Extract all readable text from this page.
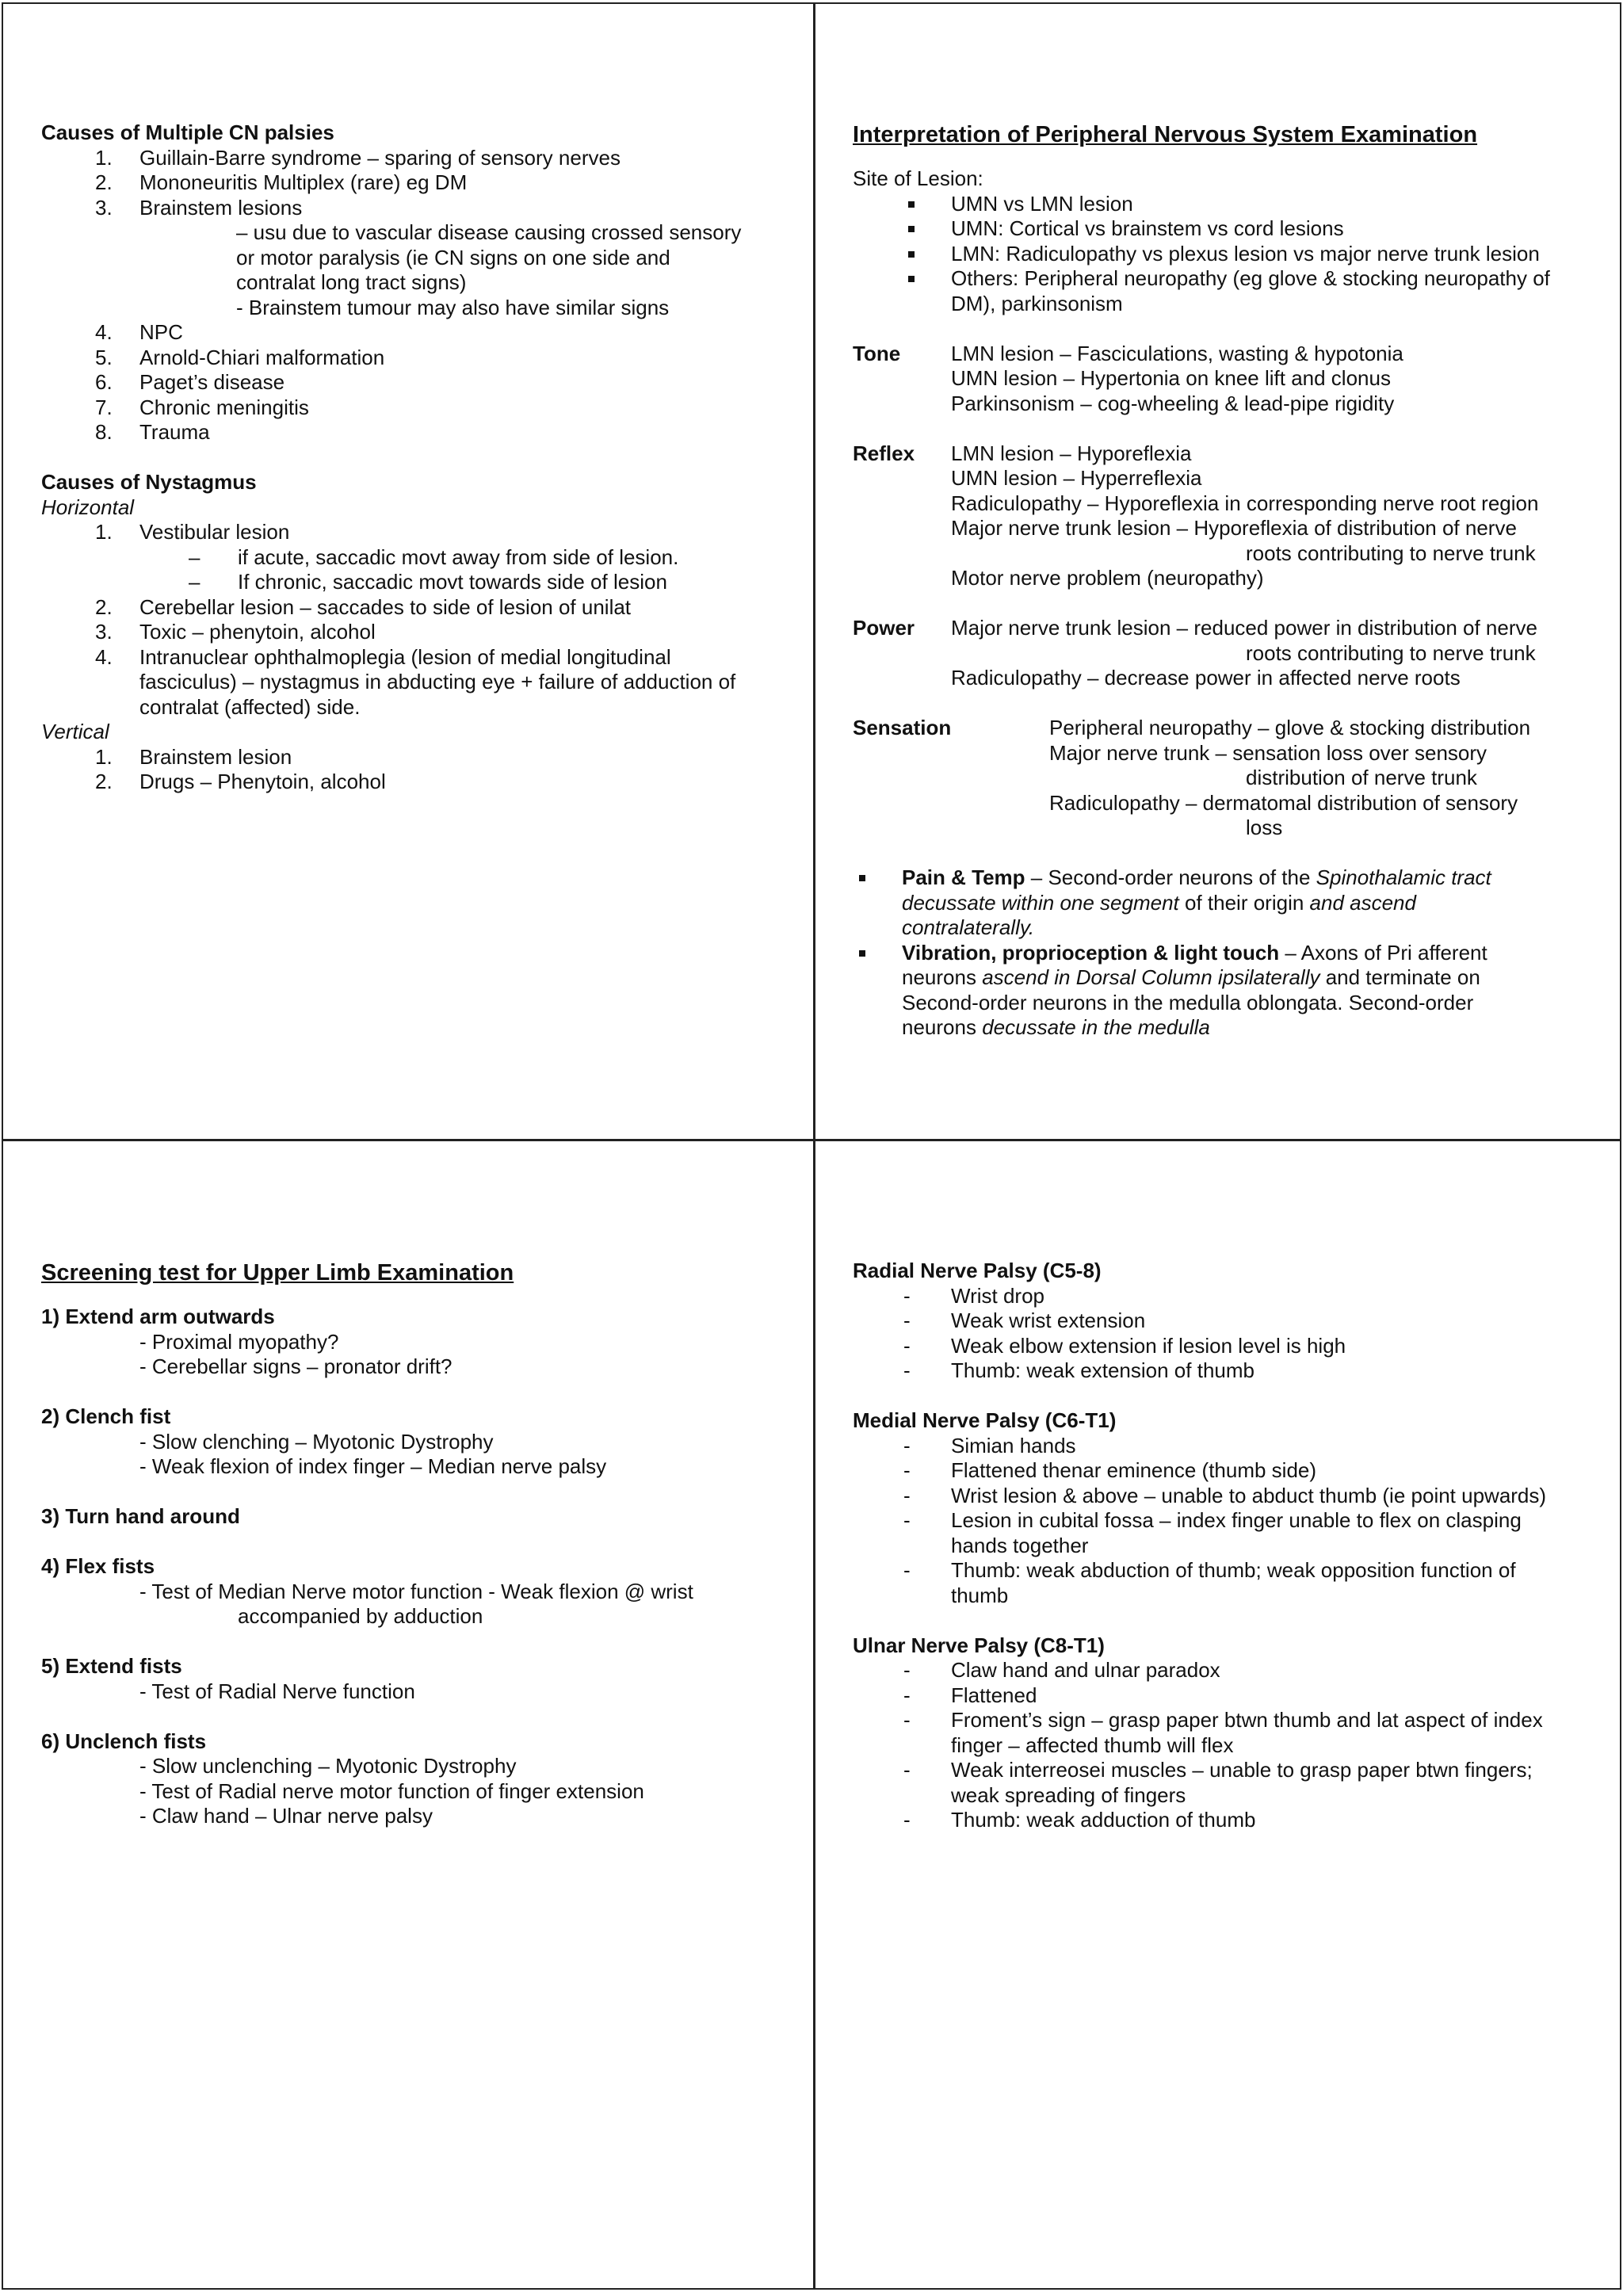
Causes of Multiple CN palsies
1.	Guillain-Barre syndrome – sparing of sensory nerves
2.	Mononeuritis Multiplex (rare) eg DM
3.	Brainstem lesions
– usu due to vascular disease causing crossed sensory
or motor paralysis (ie CN signs on one side and
contralat long tract signs)
- Brainstem tumour may also have similar signs
4.	NPC
5.	Arnold-Chiari malformation
6.	Paget’s disease
7.	Chronic meningitis
8.	Trauma
Causes of Nystagmus
Horizontal
1.	Vestibular lesion
–	if acute, saccadic movt away from side of lesion.
–	If chronic, saccadic movt towards side of lesion
2.	Cerebellar lesion – saccades to side of lesion of unilat
3.	Toxic – phenytoin, alcohol
4.	Intranuclear ophthalmoplegia (lesion of medial longitudinal
fasciculus) – nystagmus in abducting eye + failure of adduction of
contralat (affected) side.
Vertical
1.	Brainstem lesion
2.	Drugs – Phenytoin, alcohol
Interpretation of Peripheral Nervous System Examination
Site of Lesion:
UMN vs LMN lesion
UMN: Cortical vs brainstem vs cord lesions
LMN: Radiculopathy vs plexus lesion vs major nerve trunk lesion
Others: Peripheral neuropathy (eg glove & stocking neuropathy of
DM), parkinsonism
Tone	LMN lesion – Fasciculations, wasting & hypotonia
UMN lesion – Hypertonia on knee lift and clonus
Parkinsonism – cog-wheeling & lead-pipe rigidity
Reflex	LMN lesion – Hyporeflexia
UMN lesion – Hyperreflexia
Radiculopathy – Hyporeflexia in corresponding nerve root region
Major nerve trunk lesion – Hyporeflexia of distribution of nerve
roots contributing to nerve trunk
Motor nerve problem (neuropathy)
Power	Major nerve trunk lesion – reduced power in distribution of nerve
roots contributing to nerve trunk
Radiculopathy – decrease power in affected nerve roots
Sensation	Peripheral neuropathy – glove & stocking distribution
Major nerve trunk – sensation loss over sensory
distribution of nerve trunk
Radiculopathy – dermatomal distribution of sensory
loss
Pain & Temp – Second-order neurons of the Spinothalamic tract
decussate within one segment of their origin and ascend
contralaterally.
Vibration, proprioception & light touch – Axons of Pri afferent
neurons ascend in Dorsal Column ipsilaterally and terminate on
Second-order neurons in the medulla oblongata. Second-order
neurons decussate in the medulla
Screening test for Upper Limb Examination
1) Extend arm outwards
- Proximal myopathy?
- Cerebellar signs – pronator drift?
2) Clench fist
- Slow clenching – Myotonic Dystrophy
- Weak flexion of index finger – Median nerve palsy
3) Turn hand around
4) Flex fists
- Test of Median Nerve motor function - Weak flexion @ wrist
accompanied by adduction
5) Extend fists
- Test of Radial Nerve function
6) Unclench fists
- Slow unclenching – Myotonic Dystrophy
- Test of Radial nerve motor function of finger extension
- Claw hand – Ulnar nerve palsy
Radial Nerve Palsy (C5-8)
-	Wrist drop
-	Weak wrist extension
-	Weak elbow extension if lesion level is high
-	Thumb: weak extension of thumb
Medial Nerve Palsy (C6-T1)
-	Simian hands
-	Flattened thenar eminence (thumb side)
-	Wrist lesion & above – unable to abduct thumb (ie point upwards)
-	Lesion in cubital fossa – index finger unable to flex on clasping
hands together
-	Thumb: weak abduction of thumb; weak opposition function of
thumb
Ulnar Nerve Palsy (C8-T1)
-	Claw hand and ulnar paradox
-	Flattened
-	Froment’s sign – grasp paper btwn thumb and lat aspect of index
finger – affected thumb will flex
-	Weak interreosei muscles – unable to grasp paper btwn fingers;
weak spreading of fingers
-	Thumb: weak adduction of thumb
